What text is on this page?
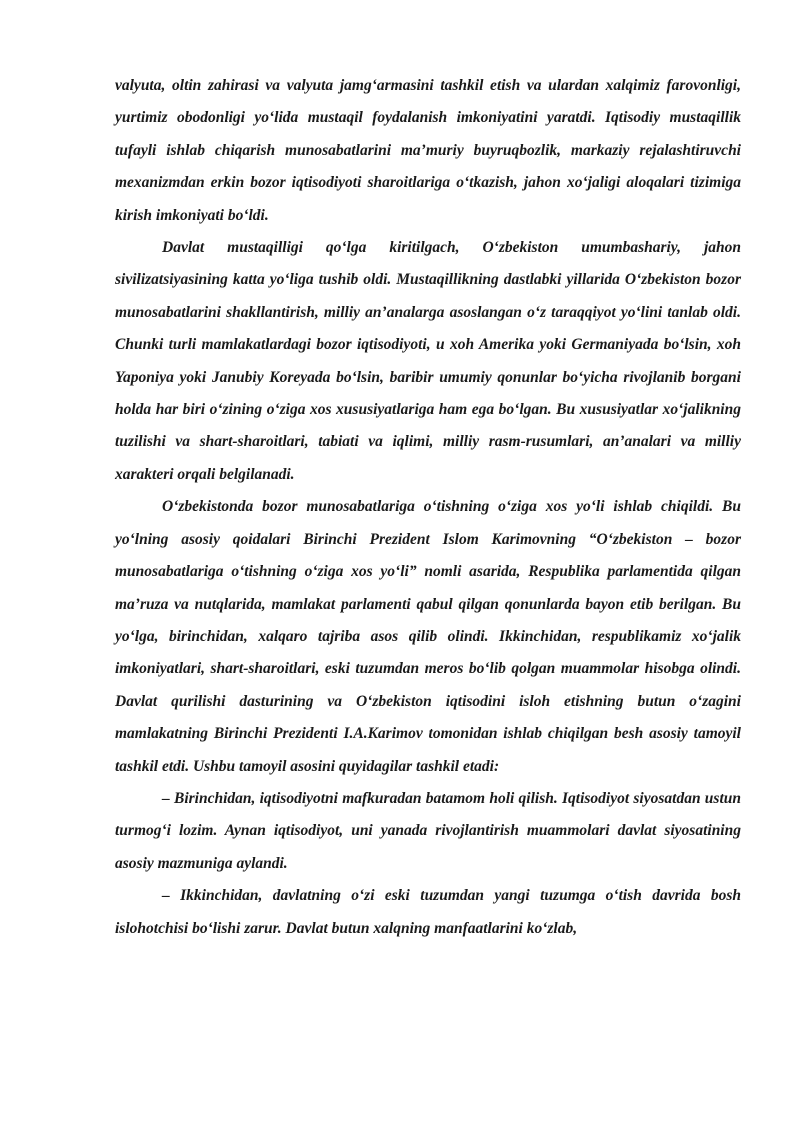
valyuta, oltin zahirasi va valyuta jamg‘armasini tashkil etish va ulardan xalqimiz farovonligi, yurtimiz obodonligi yo‘lida mustaqil foydalanish imkoniyatini yaratdi. Iqtisodiy mustaqillik tufayli ishlab chiqarish munosabatlarini ma’muriy buyruqbozlik, markaziy rejalashtiruvchi mexanizmdan erkin bozor iqtisodiyoti sharoitlariga o‘tkazish, jahon xo‘jaligi aloqalari tizimiga kirish imkoniyati bo‘ldi.

Davlat mustaqilligi qo‘lga kiritilgach, O‘zbekiston umumbashariy, jahon sivilizatsiyasining katta yo‘liga tushib oldi. Mustaqillikning dastlabki yillarida O‘zbekiston bozor munosabatlarini shakllantirish, milliy an’analarga asoslangan o‘z taraqqiyot yo‘lini tanlab oldi. Chunki turli mamlakatlardagi bozor iqtisodiyoti, u xoh Amerika yoki Germaniyada bo‘lsin, xoh Yaponiya yoki Janubiy Koreyada bo‘lsin, baribir umumiy qonunlar bo‘yicha rivojlanib borgani holda har biri o‘zining o‘ziga xos xususiyatlariga ham ega bo‘lgan. Bu xususiyatlar xo‘jalikning tuzilishi va shart-sharoitlari, tabiati va iqlimi, milliy rasm-rusumlari, an’analari va milliy xarakteri orqali belgilanadi.

O‘zbekistonda bozor munosabatlariga o‘tishning o‘ziga xos yo‘li ishlab chiqildi. Bu yo‘lning asosiy qoidalari Birinchi Prezident Islom Karimovning “O‘zbekiston – bozor munosabatlariga o‘tishning o‘ziga xos yo‘li” nomli asarida, Respublika parlamentida qilgan ma’ruza va nutqlarida, mamlakat parlamenti qabul qilgan qonunlarda bayon etib berilgan. Bu yo‘lga, birinchidan, xalqaro tajriba asos qilib olindi. Ikkinchidan, respublikamiz xo‘jalik imkoniyatlari, shart-sharoitlari, eski tuzumdan meros bo‘lib qolgan muammolar hisobga olindi. Davlat qurilishi dasturining va O‘zbekiston iqtisodini isloh etishning butun o‘zagini mamlakatning Birinchi Prezidenti I.A.Karimov tomonidan ishlab chiqilgan besh asosiy tamoyil tashkil etdi. Ushbu tamoyil asosini quyidagilar tashkil etadi:

– Birinchidan, iqtisodiyotni mafkuradan batamom holi qilish. Iqtisodiyot siyosatdan ustun turmog‘i lozim. Aynan iqtisodiyot, uni yanada rivojlantirish muammolari davlat siyosatining asosiy mazmuniga aylandi.

– Ikkinchidan, davlatning o‘zi eski tuzumdan yangi tuzumga o‘tish davrida bosh islohotchisi bo‘lishi zarur. Davlat butun xalqning manfaatlarini ko‘zlab,
